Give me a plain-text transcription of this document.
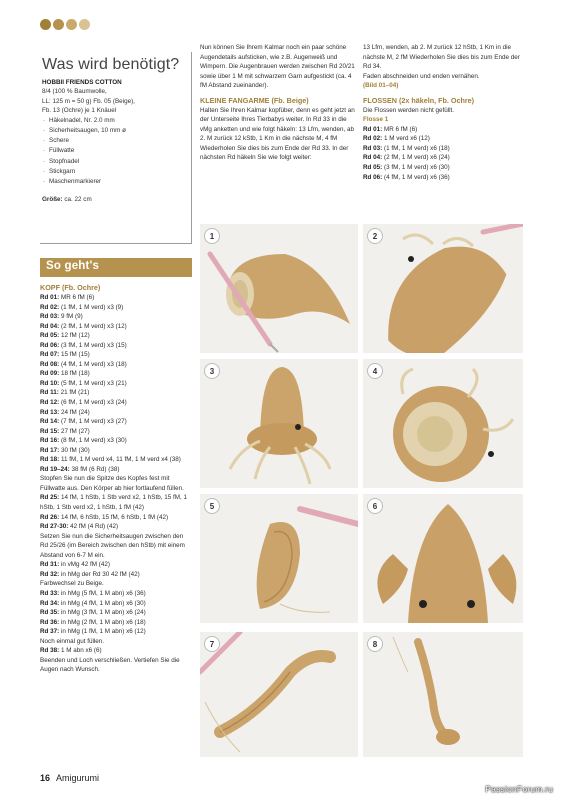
Was wird benötigt?
HOBBII FRIENDS COTTON
8/4 (100 % Baumwolle,
LL: 125 m = 50 g) Fb. 05 (Beige),
Fb. 13 (Ochre) je 1 Knäuel
· Häkelnadel, Nr. 2.0 mm
· Sicherheitsaugen, 10 mm ø
· Schere
· Füllwatte
· Stopfnadel
· Stickgarn
· Maschenmarkierer
Größe: ca. 22 cm
So geht's

KOPF (Fb. Ochre)

Rd 01: MR 6 fM (6)

Rd 02: (1 fM, 1 M verd) x3 (9)

Rd 03: 9 fM (9)

Rd 04: (2 fM, 1 M verd) x3 (12)

Rd 05: 12 fM (12)

Rd 06: (3 fM, 1 M verd) x3 (15)

Rd 07: 15 fM (15)

Rd 08: (4 fM, 1 M verd) x3 (18)

Rd 09: 18 fM (18)

Rd 10: (5 fM, 1 M verd) x3 (21)

Rd 11: 21 fM (21)

Rd 12: (6 fM, 1 M verd) x3 (24)

Rd 13: 24 fM (24)

Rd 14: (7 fM, 1 M verd) x3 (27)

Rd 15: 27 fM (27)

Rd 16: (8 fM, 1 M verd) x3 (30)

Rd 17: 30 fM (30)

Rd 18: 11 fM, 1 M verd x4, 11 fM, 1 M verd x4 (38)

Rd 19–24: 38 fM (6 Rd) (38)

Stopfen Sie nun die Spitze des Kopfes fest mit Füllwatte aus. Den Körper ab hier fortlaufend füllen.

Rd 25: 14 fM, 1 hStb, 1 Stb verd x2, 1 hStb, 15 fM, 1 hStb, 1 Stb verd x2, 1 hStb, 1 fM (42)

Rd 26: 14 fM, 6 hStb, 15 fM, 6 hStb, 1 fM (42)

Rd 27-30: 42 fM (4 Rd) (42)

Setzen Sie nun die Sicherheitsaugen zwischen den Rd 25/26 (im Bereich zwischen den hStb) mit einem Abstand von 6-7 M ein.

Rd 31: in vMg 42 fM (42)

Rd 32: in hMg der Rd 30 42 fM (42)

Farbwechsel zu Beige.

Rd 33: in hMg (5 fM, 1 M abn) x6 (36)

Rd 34: in hMg (4 fM, 1 M abn) x6 (30)

Rd 35: in hMg (3 fM, 1 M abn) x6 (24)

Rd 36: in hMg (2 fM, 1 M abn) x6 (18)

Rd 37: in hMg (1 fM, 1 M abn) x6 (12)

Noch einmal gut füllen.

Rd 38: 1 M abn x6 (6)

Beenden und Loch verschließen. Vertiefen Sie die Augen nach Wunsch.

Nun können Sie Ihrem Kalmar noch ein paar schöne Augendetails aufsticken, wie z.B. Augenweiß und Wimpern. Die Augenbrauen werden zwischen Rd 20/21 sowie über 1 M mit schwarzem Garn aufgestickt (ca. 4 fM Abstand zueinander).

KLEINE FANGARME (Fb. Beige)

Halten Sie Ihren Kalmar kopfüber, denn es geht jetzt an der Unterseite Ihres Tierbabys weiter. In Rd 33 in die vMg anketten und wie folgt häkeln: 13 Lfm, wenden, ab 2. M zurück 12 kStb, 1 Km in die nächste M, 4 fM

Wiederholen Sie dies bis zum Ende der Rd 33. In der nächsten Rd häkeln Sie wie folgt weiter:

13 Lfm, wenden, ab 2. M zurück 12 hStb, 1 Km in die nächste M, 2 fM Wiederholen Sie dies bis zum Ende der Rd 34.

Faden abschneiden und enden vernähen.

(Bild 01–04)

FLOSSEN (2x häkeln, Fb. Ochre)

Die Flossen werden nicht gefüllt.

Flosse 1

Rd 01: MR 6 fM (6)

Rd 02: 1 M verd x6 (12)

Rd 03: (1 fM, 1 M verd) x6 (18)

Rd 04: (2 fM, 1 M verd) x6 (24)

Rd 05: (3 fM, 1 M verd) x6 (30)

Rd 06: (4 fM, 1 M verd) x6 (36)

1	2
3	4
5	6
7	8
16 Amigurumi
PassionForum.ru
